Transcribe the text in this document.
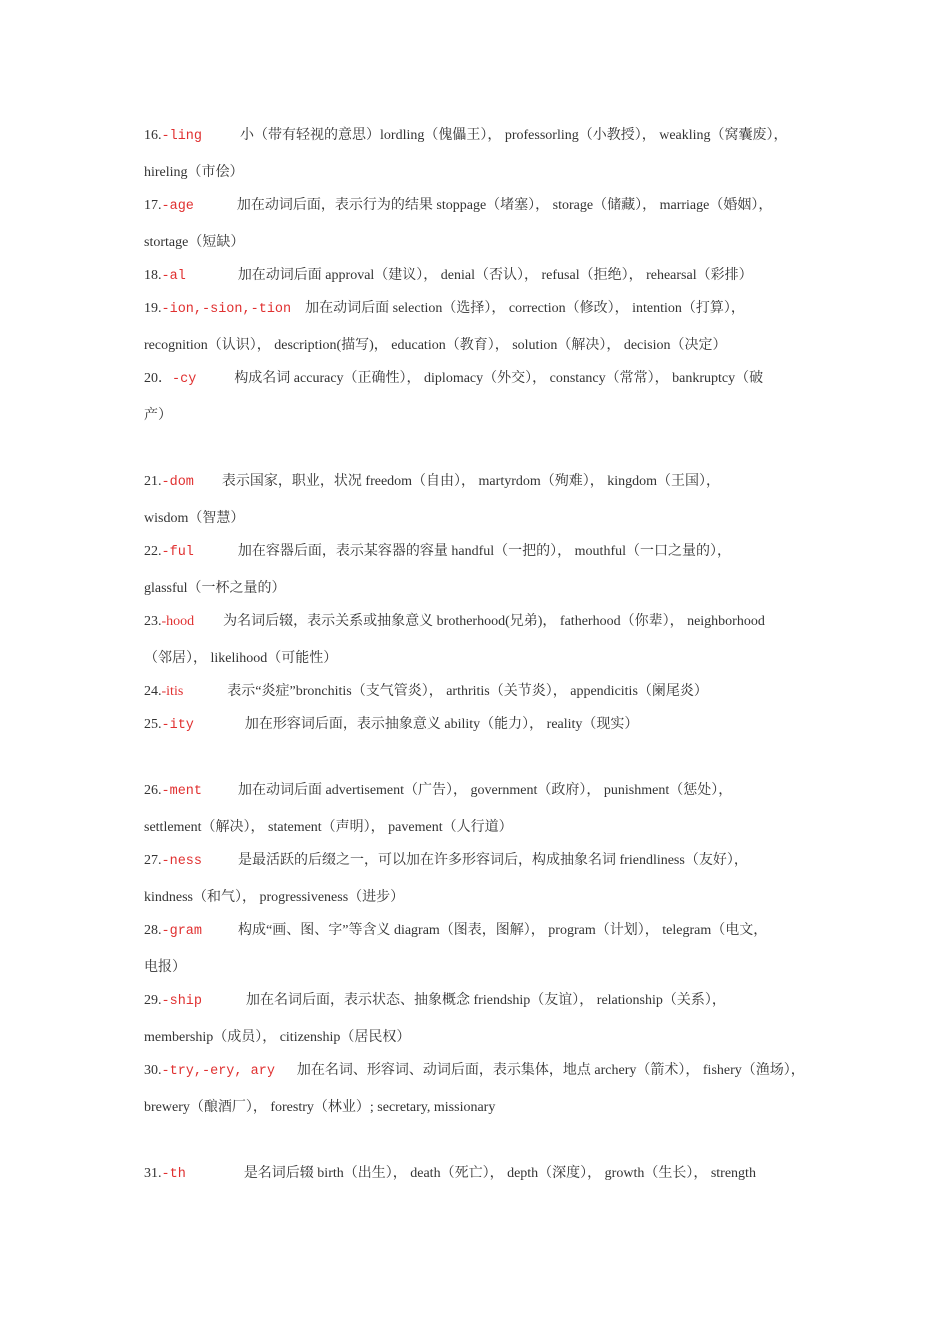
16.-ling	小（带有轻视的意思）lordling（傀儡王）， professorling（小教授）， weakling（窝囊废），
hireling（市侩）
17.-age	加在动词后面，表示行为的结果 stoppage（堵塞）， storage（储藏）， marriage（婚姻），
stortage（短缺）
18.-al	加在动词后面 approval（建议）， denial（否认）， refusal（拒绝）， rehearsal（彩排）
19.-ion,-sion,-tion 加在动词后面 selection（选择）， correction（修改）， intention（打算），
recognition（认识）， description(描写)， education（教育）， solution（解决）， decision（决定）
20．-cy	构成名词 accuracy（正确性）， diplomacy（外交）， constancy（常常）， bankruptcy（破
产）
21.-dom 表示国家，职业，状况 freedom（自由）， martyrdom（殉难）， kingdom（王国），
wisdom（智慧）
22.-ful	加在容器后面，表示某容器的容量 handful（一把的）， mouthful（一口之量的），
glassful（一杯之量的）
23.-hood 为名词后辍，表示关系或抽象意义 brotherhood(兄弟)， fatherhood（你辈）， neighborhood
（邻居）， likelihood（可能性）
24.-itis	表示“炎症”bronchitis（支气管炎）， arthritis（关节炎）， appendicitis（阑尾炎）
25.-ity	加在形容词后面，表示抽象意义 ability（能力）， reality（现实）
26.-ment	加在动词后面 advertisement（广告）， government（政府）， punishment（惩处），
settlement（解决）， statement（声明）， pavement（人行道）
27.-ness	是最活跃的后缀之一，可以加在许多形容词后，构成抽象名词 friendliness（友好），
kindness（和气）， progressiveness（进步）
28.-gram	构成“画、图、字”等含义 diagram（图表，图解）， program（计划）， telegram（电文，
电报）
29.-ship	加在名词后面，表示状态、抽象概念 friendship（友谊）， relationship（关系），
membership（成员）， citizenship（居民权）
30.-try,-ery, ary 加在名词、形容词、动词后面，表示集体，地点 archery（箭术）， fishery（渔场），
brewery（酿酒厂）， forestry（林业）; secretary, missionary
31.-th	是名词后辍 birth（出生）， death（死亡）， depth（深度）， growth（生长）， strength
